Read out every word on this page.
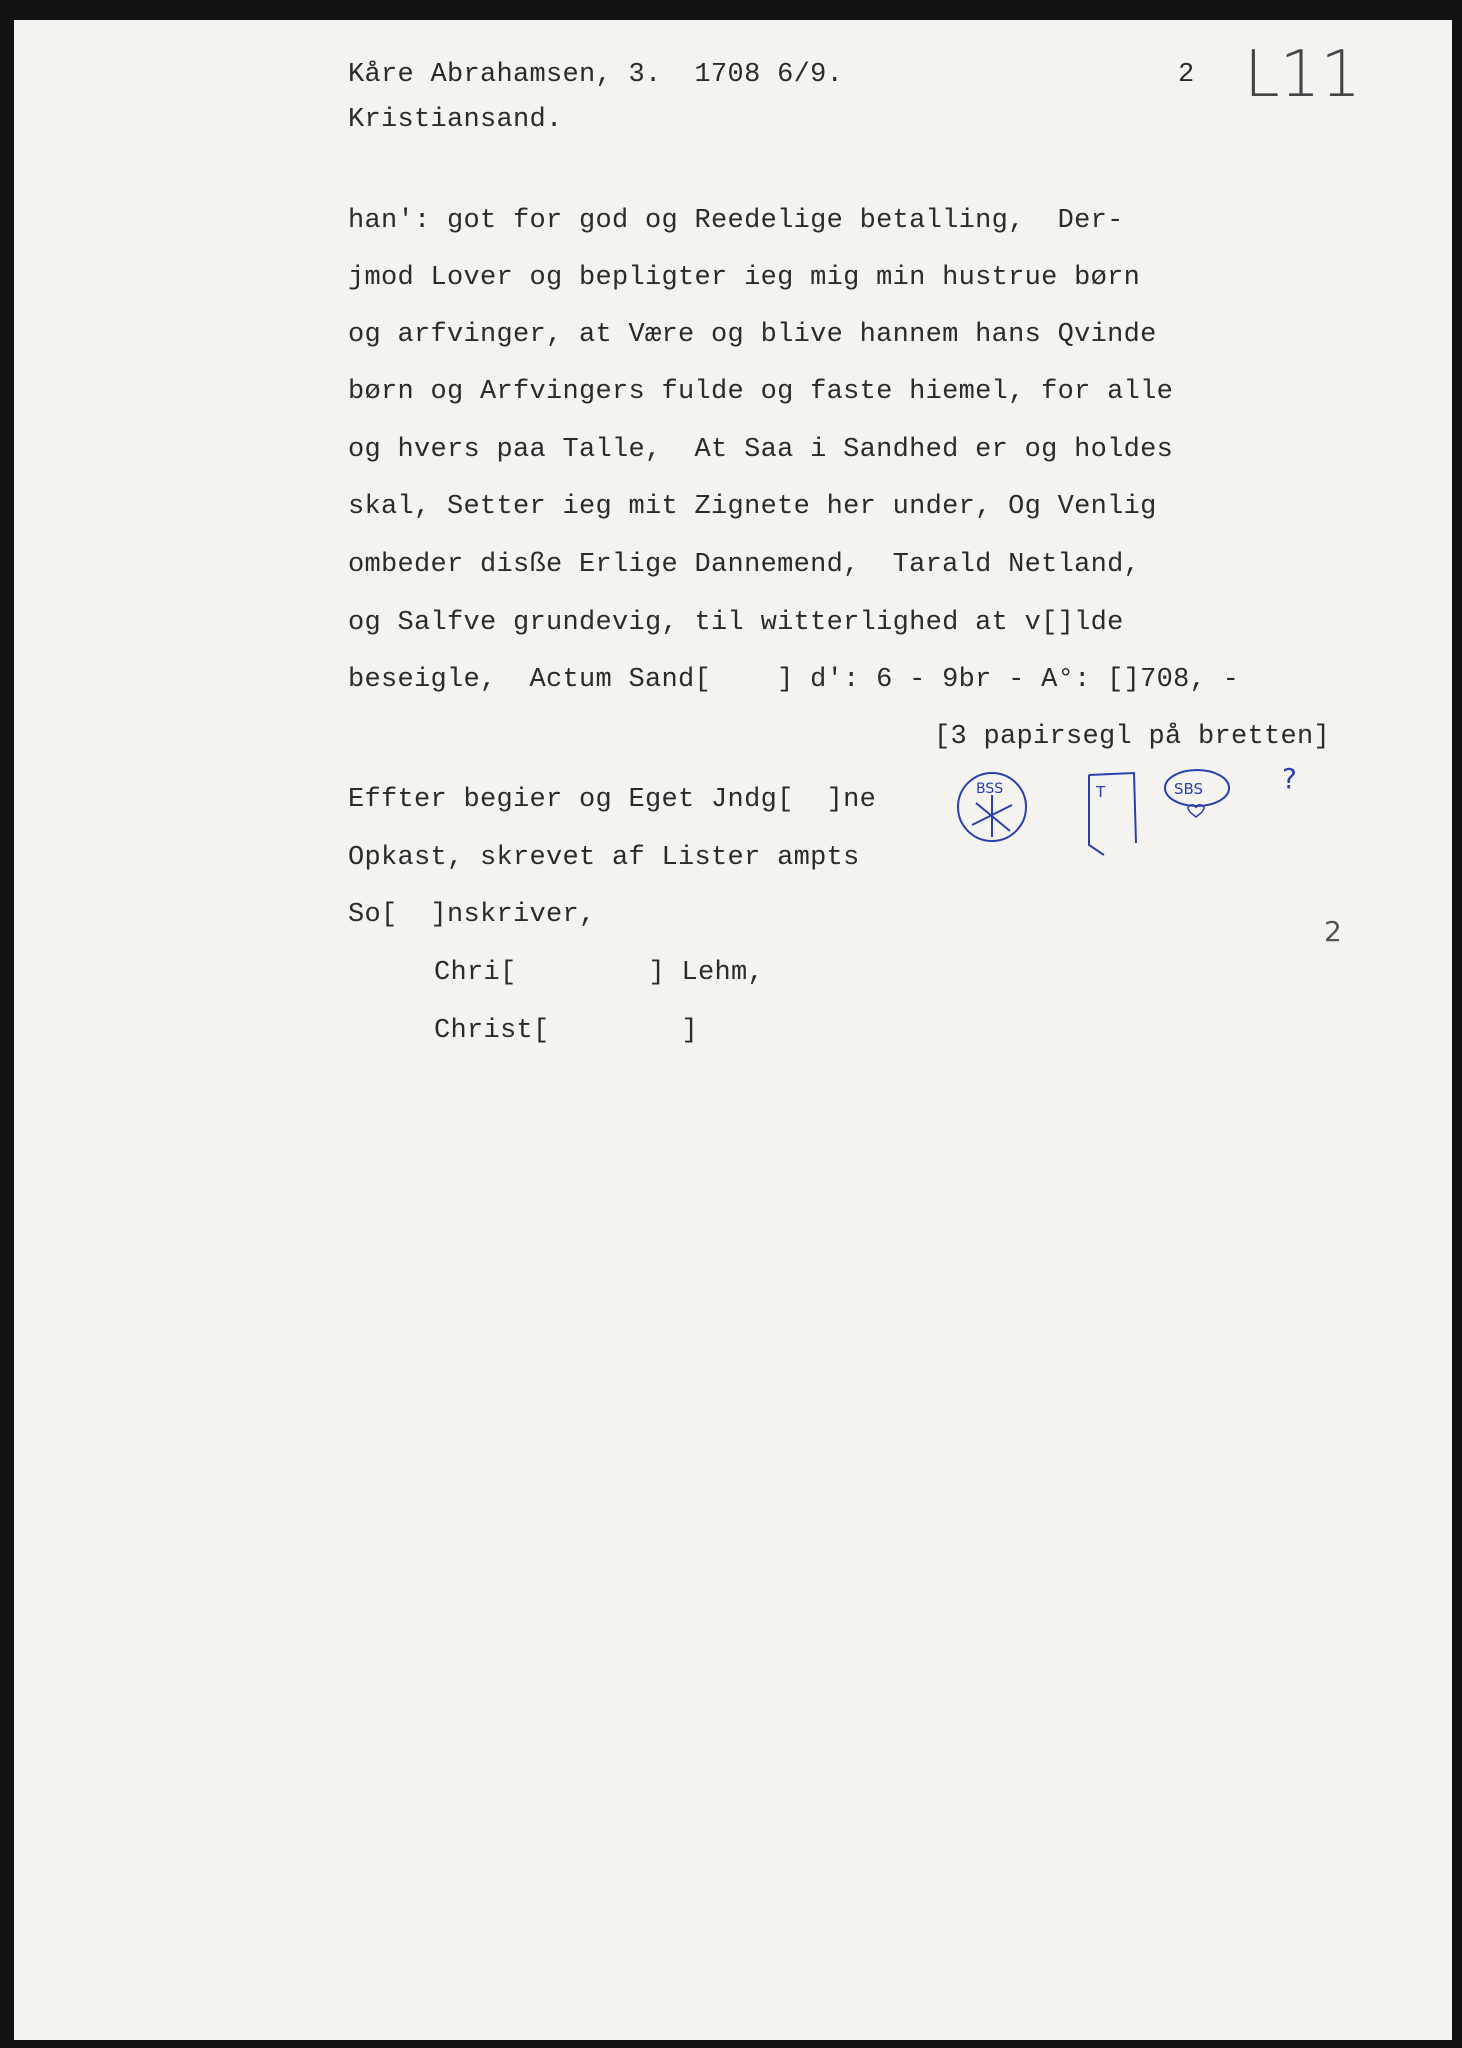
Kåre Abrahamsen, 3.  1708 6/9.
Kristiansand.
2 L11
han': got for god og Reedelige betalling,  Der-
jmod Lover og bepligter ieg mig min hustrue børn
og arfvinger, at Være og blive hannem hans Qvinde
børn og Arfvingers fulde og faste hiemel, for alle
og hvers paa Talle,  At Saa i Sandhed er og holdes
skal, Setter ieg mit Zignete her under, Og Venlig
ombeder disße Erlige Dannemend,  Tarald Netland,
og Salfve grundevig, til witterlighed at v[]lde
beseigle,  Actum Sand[    ] d': 6 - 9br - A°: []708, -
[3 papirsegl på bretten]
Effter begier og Eget Jndg[  ]ne
Opkast, skrevet af Lister ampts
So[  ]nskriver,
Chri[        ] Lehm,
Christ[        ]
BSS	T	SBS	?
2
